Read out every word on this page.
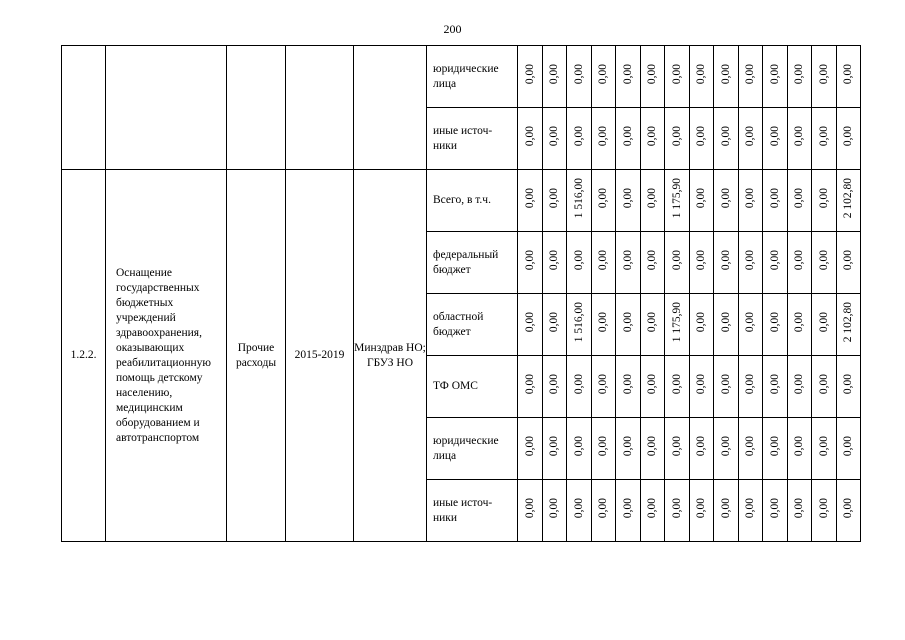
200
					юридические лица	0,00	0,00	0,00	0,00	0,00	0,00	0,00	0,00	0,00	0,00	0,00	0,00	0,00	0,00
					иные источ-ники	0,00	0,00	0,00	0,00	0,00	0,00	0,00	0,00	0,00	0,00	0,00	0,00	0,00	0,00
1.2.2.	Оснащение государственных бюджетных учреждений здравоохранения, оказывающих реабилитационную помощь детскому населению, медицинским оборудованием и автотранспортом	Прочие расходы	2015-2019	Минздрав НО; ГБУЗ НО	Всего, в т.ч.	0,00	0,00	1 516,00	0,00	0,00	0,00	1 175,90	0,00	0,00	0,00	0,00	0,00	0,00	2 102,80
					федеральный бюджет	0,00	0,00	0,00	0,00	0,00	0,00	0,00	0,00	0,00	0,00	0,00	0,00	0,00	0,00
					областной бюджет	0,00	0,00	1 516,00	0,00	0,00	0,00	1 175,90	0,00	0,00	0,00	0,00	0,00	0,00	2 102,80
					ТФ ОМС	0,00	0,00	0,00	0,00	0,00	0,00	0,00	0,00	0,00	0,00	0,00	0,00	0,00	0,00
					юридические лица	0,00	0,00	0,00	0,00	0,00	0,00	0,00	0,00	0,00	0,00	0,00	0,00	0,00	0,00
					иные источ-ники	0,00	0,00	0,00	0,00	0,00	0,00	0,00	0,00	0,00	0,00	0,00	0,00	0,00	0,00
